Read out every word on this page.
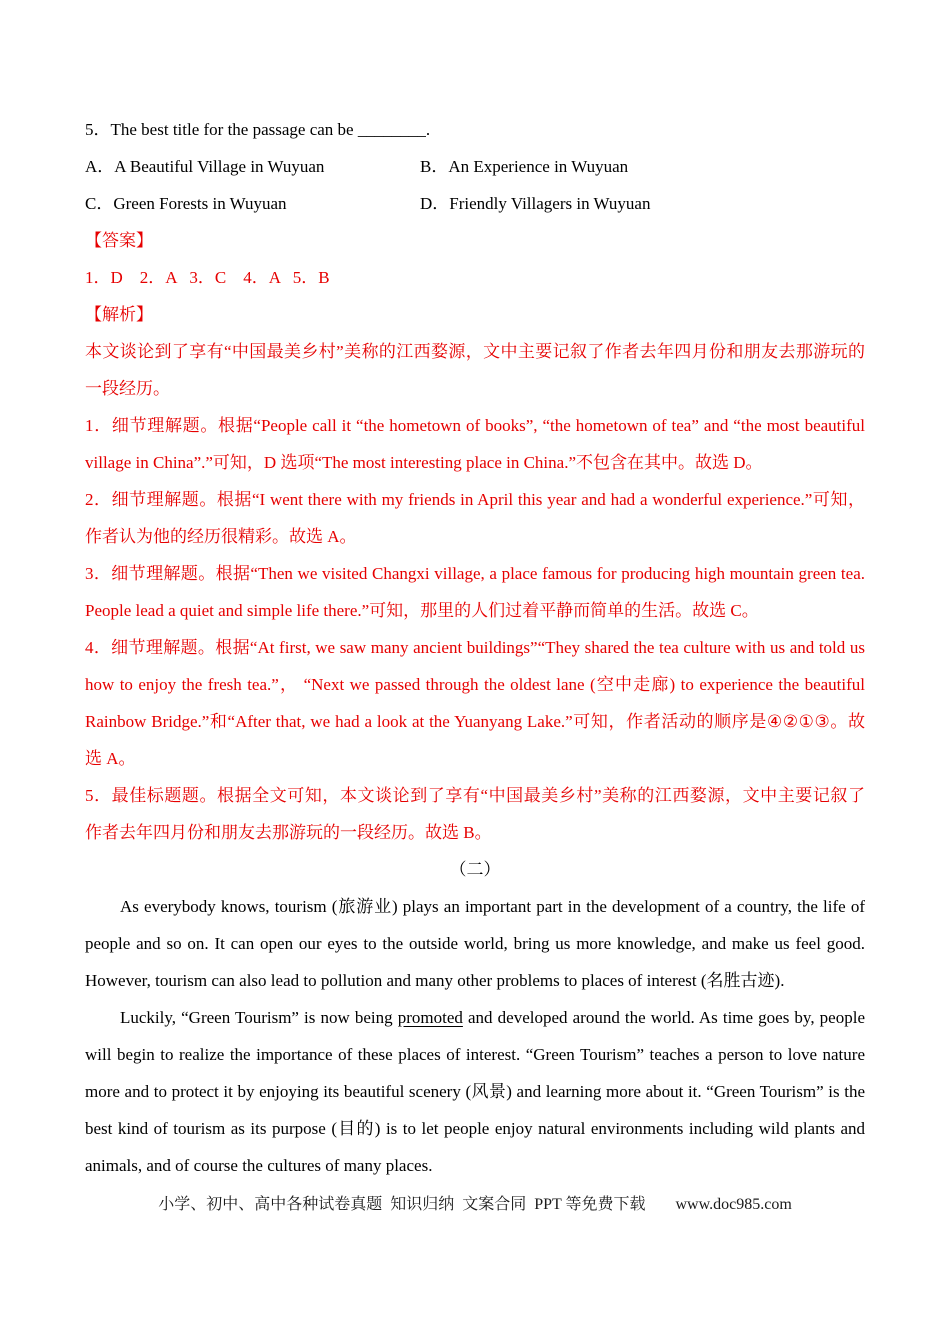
5．The best title for the passage can be ________.
A．A Beautiful Village in Wuyuan	B．An Experience in Wuyuan
C．Green Forests in Wuyuan	D．Friendly Villagers in Wuyuan
【答案】
1．D    2．A   3．C    4．A   5．B
【解析】
本文谈论到了享有“中国最美乡村”美称的江西婺源，文中主要记叙了作者去年四月份和朋友去那游玩的
一段经历。
1．细节理解题。根据“People call it “the hometown of books”, “the hometown of tea” and “the most beautiful
village in China”.”可知，D 选项“The most interesting place in China.”不包含在其中。故选 D。
2．细节理解题。根据“I went there with my friends in April this year and had a wonderful experience.”可知，
作者认为他的经历很精彩。故选 A。
3．细节理解题。根据“Then we visited Changxi village, a place famous for producing high mountain green tea.
People lead a quiet and simple life there.”可知，那里的人们过着平静而简单的生活。故选 C。
4．细节理解题。根据“At first, we saw many ancient buildings”“They shared the tea culture with us and told us
how to enjoy the fresh tea.”， “Next we passed through the oldest lane (空中走廊) to experience the beautiful
Rainbow Bridge.”和“After that, we had a look at the Yuanyang Lake.”可知，作者活动的顺序是④②①③。故
选 A。
5．最佳标题题。根据全文可知，本文谈论到了享有“中国最美乡村”美称的江西婺源，文中主要记叙了
作者去年四月份和朋友去那游玩的一段经历。故选 B。
（二）
As everybody knows, tourism (旅游业) plays an important part in the development of a country, the life of
people and so on. It can open our eyes to the outside world, bring us more knowledge, and make us feel good.
However, tourism can also lead to pollution and many other problems to places of interest (名胜古迹).
Luckily, “Green Tourism” is now being promoted and developed around the world. As time goes by, people
will begin to realize the importance of these places of interest. “Green Tourism” teaches a person to love nature
more and to protect it by enjoying its beautiful scenery (风景) and learning more about it. “Green Tourism” is the
best kind of tourism as its purpose (目的) is to let people enjoy natural environments including wild plants and
animals, and of course the cultures of many places.
小学、初中、高中各种试卷真题  知识归纳  文案合同  PPT 等免费下载 www.doc985.com
